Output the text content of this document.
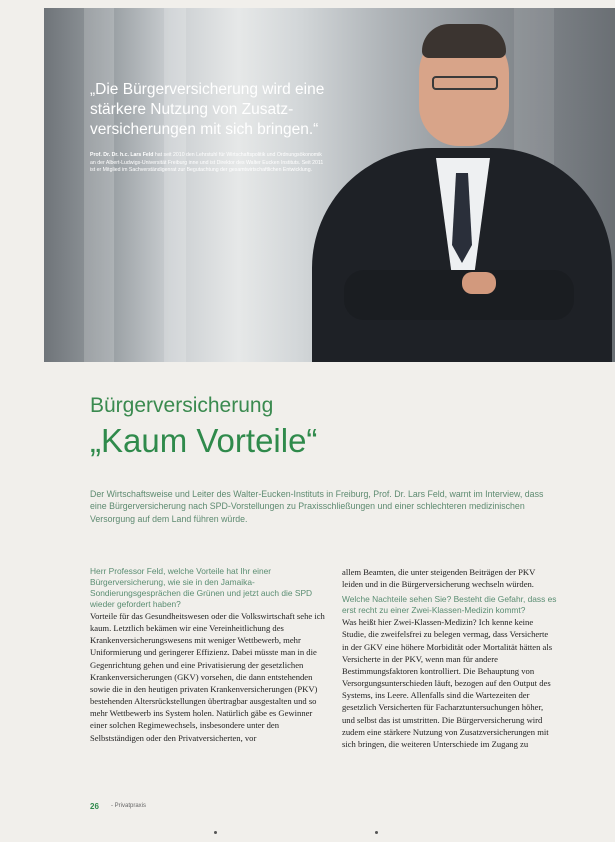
„Die Bürgerversicherung wird eine stärkere Nutzung von Zusatz-versicherungen mit sich bringen.“
Prof. Dr. Dr. h.c. Lars Feld hat seit 2010 den Lehrstuhl für Wirtschaftspolitik und Ordnungsökonomik an der Albert-Ludwigs-Universität Freiburg inne und ist Direktor des Walter Eucken Instituts. Seit 2011 ist er Mitglied im Sachverständigenrat zur Begutachtung der gesamtwirtschaftlichen Entwicklung.
Bürgerversicherung
„Kaum Vorteile“
Der Wirtschaftsweise und Leiter des Walter-Eucken-Instituts in Freiburg, Prof. Dr. Lars Feld, warnt im Interview, dass eine Bürgerversicherung nach SPD-Vorstellungen zu Praxisschließungen und einer schlechteren medizinischen Versorgung auf dem Land führen würde.
Herr Professor Feld, welche Vorteile hat Ihr einer Bürgerversicherung, wie sie in den Jamaika-Sondierungsgesprächen die Grünen und jetzt auch die SPD wieder gefordert haben?
Vorteile für das Gesundheitswesen oder die Volkswirtschaft sehe ich kaum. Letztlich bekämen wir eine Vereinheitlichung des Krankenversicherungswesens mit weniger Wettbewerb, mehr Uniformierung und geringerer Effizienz. Dabei müsste man in die Gegenrichtung gehen und eine Privatisierung der gesetzlichen Krankenversicherungen (GKV) vorsehen, die dann entstehenden sowie die in den heutigen privaten Krankenversicherungen (PKV) bestehenden Altersrückstellungen übertragbar ausgestalten und so mehr Wettbewerb ins System holen. Natürlich gäbe es Gewinner einer solchen Regimewechsels, insbesondere unter den Selbstständigen oder den Privatversicherten, vor
allem Beamten, die unter steigenden Beiträgen der PKV leiden und in die Bürgerversicherung wechseln würden.
Welche Nachteile sehen Sie? Besteht die Gefahr, dass es erst recht zu einer Zwei-Klassen-Medizin kommt?
Was heißt hier Zwei-Klassen-Medizin? Ich kenne keine Studie, die zweifelsfrei zu belegen vermag, dass Versicherte in der GKV eine höhere Morbidität oder Mortalität hätten als Versicherte in der PKV, wenn man für andere Bestimmungsfaktoren kontrolliert. Die Behauptung von Versorgungsunterschieden läuft, bezogen auf den Output des Systems, ins Leere. Allenfalls sind die Wartezeiten der gesetzlich Versicherten für Facharztuntersuchungen höher, und selbst das ist umstritten. Die Bürgerversicherung wird zudem eine stärkere Nutzung von Zusatzversicherungen mit sich bringen, die weiteren Unterschiede im Zugang zu
26 - Privatpraxis
